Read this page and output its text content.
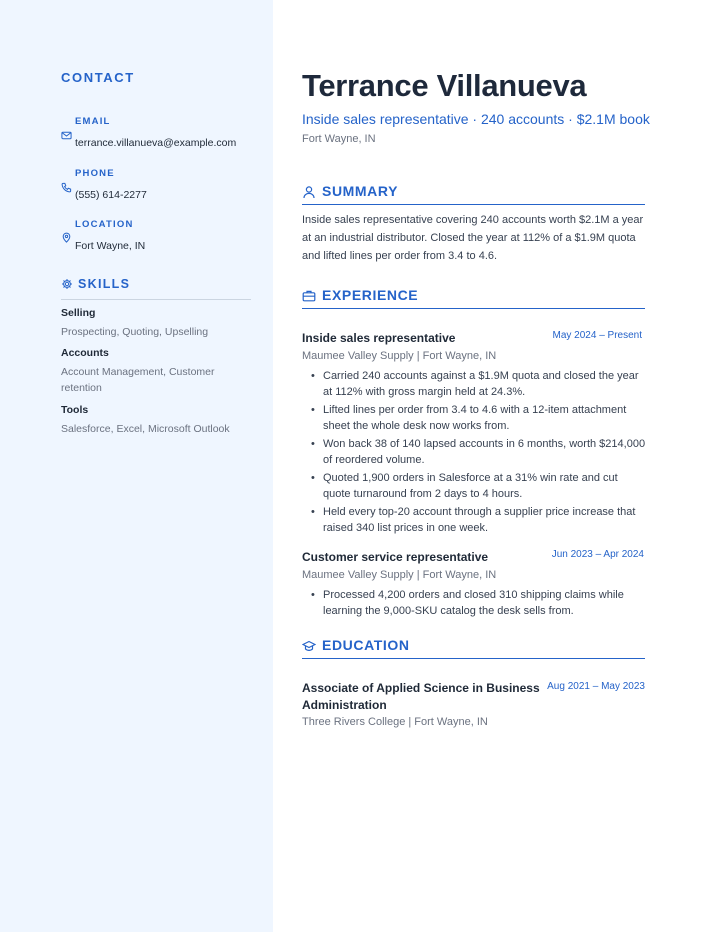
CONTACT
EMAIL
terrance.villanueva@example.com
PHONE
(555) 614-2277
LOCATION
Fort Wayne, IN
SKILLS
Selling
Prospecting, Quoting, Upselling
Accounts
Account Management, Customer retention
Tools
Salesforce, Excel, Microsoft Outlook
Terrance Villanueva
Inside sales representative · 240 accounts · $2.1M book
Fort Wayne, IN
SUMMARY
Inside sales representative covering 240 accounts worth $2.1M a year at an industrial distributor. Closed the year at 112% of a $1.9M quota and lifted lines per order from 3.4 to 4.6.
EXPERIENCE
Inside sales representative	May 2024 – Present
Maumee Valley Supply | Fort Wayne, IN
• Carried 240 accounts against a $1.9M quota and closed the year at 112% with gross margin held at 24.3%.
• Lifted lines per order from 3.4 to 4.6 with a 12-item attachment sheet the whole desk now works from.
• Won back 38 of 140 lapsed accounts in 6 months, worth $214,000 of reordered volume.
• Quoted 1,900 orders in Salesforce at a 31% win rate and cut quote turnaround from 2 days to 4 hours.
• Held every top-20 account through a supplier price increase that raised 340 list prices in one week.
Customer service representative	Jun 2023 – Apr 2024
Maumee Valley Supply | Fort Wayne, IN
• Processed 4,200 orders and closed 310 shipping claims while learning the 9,000-SKU catalog the desk sells from.
EDUCATION
Associate of Applied Science in Business Administration
Aug 2021 – May 2023
Three Rivers College | Fort Wayne, IN
